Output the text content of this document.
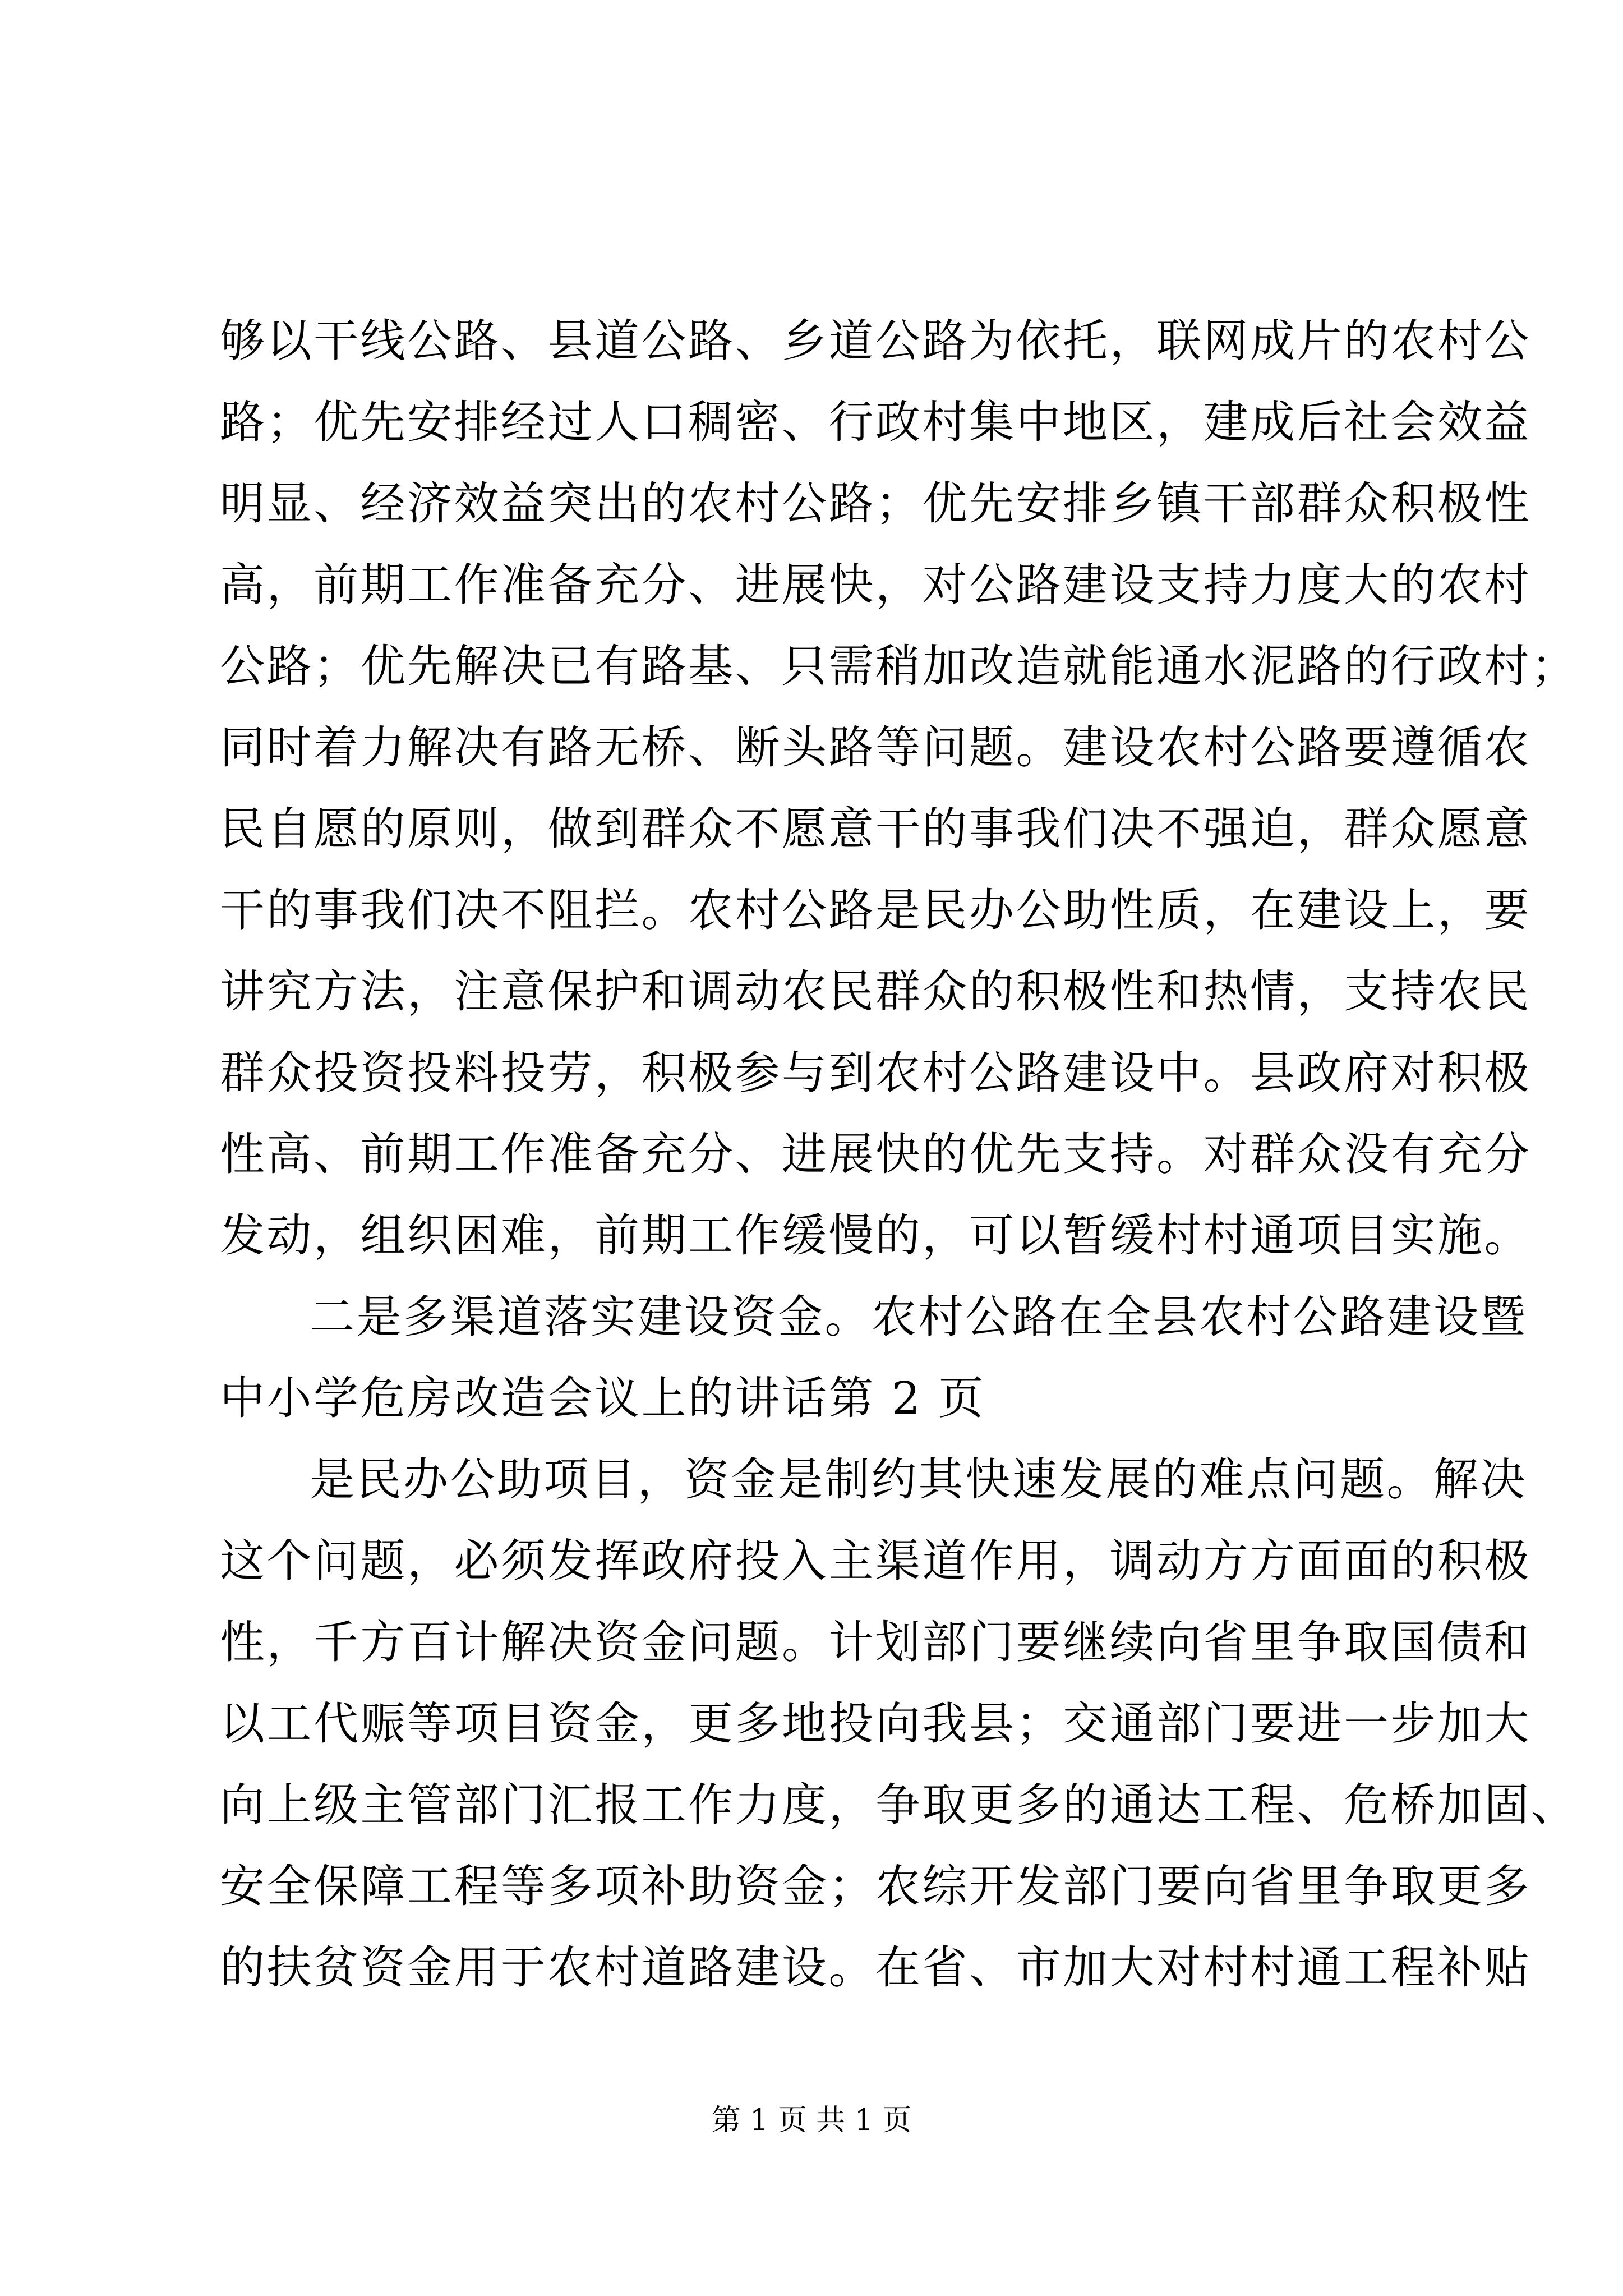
够以干线公路、县道公路、乡道公路为依托，联网成片的农村公
路；优先安排经过人口稠密、行政村集中地区，建成后社会效益
明显、经济效益突出的农村公路；优先安排乡镇干部群众积极性
高，前期工作准备充分、进展快，对公路建设支持力度大的农村
公路；优先解决已有路基、只需稍加改造就能通水泥路的行政村；
同时着力解决有路无桥、断头路等问题。建设农村公路要遵循农
民自愿的原则，做到群众不愿意干的事我们决不强迫，群众愿意
干的事我们决不阻拦。农村公路是民办公助性质，在建设上，要
讲究方法，注意保护和调动农民群众的积极性和热情，支持农民
群众投资投料投劳，积极参与到农村公路建设中。县政府对积极
性高、前期工作准备充分、进展快的优先支持。对群众没有充分
发动，组织困难，前期工作缓慢的，可以暂缓村村通项目实施。
二是多渠道落实建设资金。农村公路在全县农村公路建设暨
中小学危房改造会议上的讲话第 2 页
是民办公助项目，资金是制约其快速发展的难点问题。解决
这个问题，必须发挥政府投入主渠道作用，调动方方面面的积极
性，千方百计解决资金问题。计划部门要继续向省里争取国债和
以工代赈等项目资金，更多地投向我县；交通部门要进一步加大
向上级主管部门汇报工作力度，争取更多的通达工程、危桥加固、
安全保障工程等多项补助资金；农综开发部门要向省里争取更多
的扶贫资金用于农村道路建设。在省、市加大对村村通工程补贴
第 1 页 共 1 页
